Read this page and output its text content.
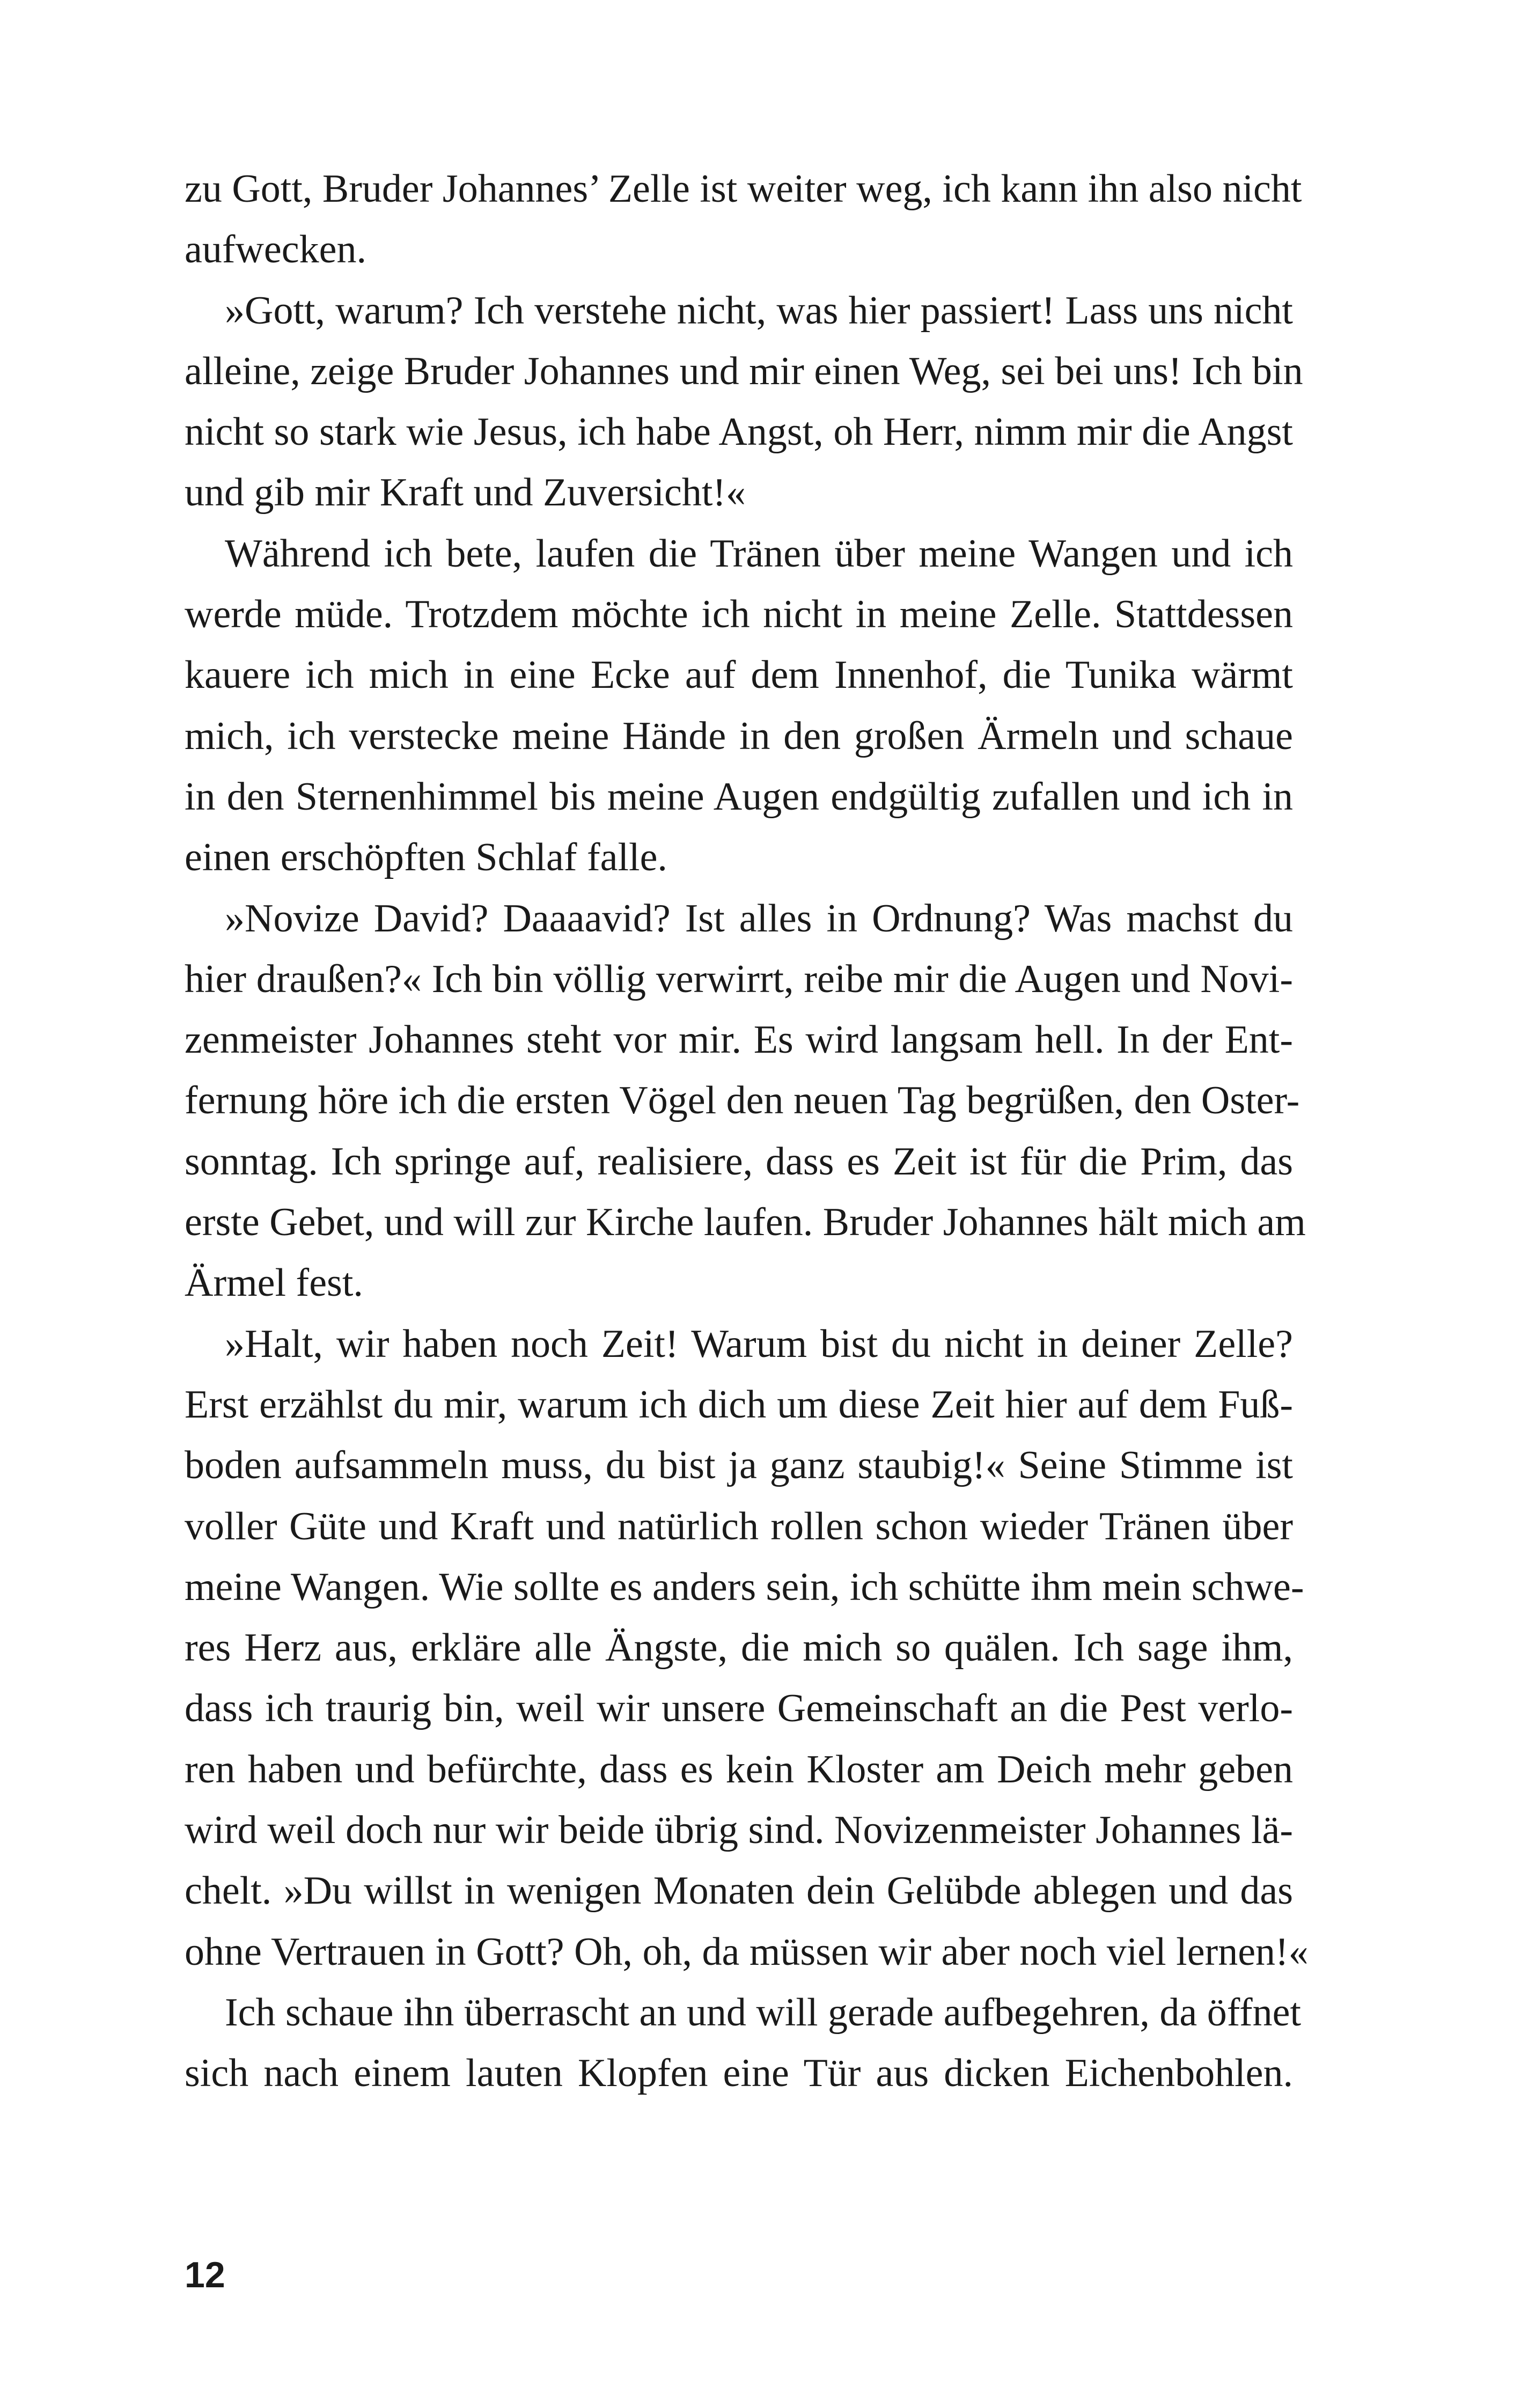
zu Gott, Bruder Johannes’ Zelle ist weiter weg, ich kann ihn also nicht
aufwecken.
»Gott, warum? Ich verstehe nicht, was hier passiert! Lass uns nicht
alleine, zeige Bruder Johannes und mir einen Weg, sei bei uns! Ich bin
nicht so stark wie Jesus, ich habe Angst, oh Herr, nimm mir die Angst
und gib mir Kraft und Zuversicht!«
Während ich bete, laufen die Tränen über meine Wangen und ich
werde müde. Trotzdem möchte ich nicht in meine Zelle. Stattdessen
kauere ich mich in eine Ecke auf dem Innenhof, die Tunika wärmt
mich, ich verstecke meine Hände in den großen Ärmeln und schaue
in den Sternenhimmel bis meine Augen endgültig zufallen und ich in
einen erschöpften Schlaf falle.
»Novize David? Daaaavid? Ist alles in Ordnung? Was machst du
hier draußen?« Ich bin völlig verwirrt, reibe mir die Augen und Novi-
zenmeister Johannes steht vor mir. Es wird langsam hell. In der Ent-
fernung höre ich die ersten Vögel den neuen Tag begrüßen, den Oster-
sonntag. Ich springe auf, realisiere, dass es Zeit ist für die Prim, das
erste Gebet, und will zur Kirche laufen. Bruder Johannes hält mich am
Ärmel fest.
»Halt, wir haben noch Zeit! Warum bist du nicht in deiner Zelle?
Erst erzählst du mir, warum ich dich um diese Zeit hier auf dem Fuß-
boden aufsammeln muss, du bist ja ganz staubig!« Seine Stimme ist
voller Güte und Kraft und natürlich rollen schon wieder Tränen über
meine Wangen. Wie sollte es anders sein, ich schütte ihm mein schwe-
res Herz aus, erkläre alle Ängste, die mich so quälen. Ich sage ihm,
dass ich traurig bin, weil wir unsere Gemeinschaft an die Pest verlo-
ren haben und befürchte, dass es kein Kloster am Deich mehr geben
wird weil doch nur wir beide übrig sind. Novizenmeister Johannes lä-
chelt. »Du willst in wenigen Monaten dein Gelübde ablegen und das
ohne Vertrauen in Gott? Oh, oh, da müssen wir aber noch viel lernen!«
Ich schaue ihn überrascht an und will gerade aufbegehren, da öffnet
sich nach einem lauten Klopfen eine Tür aus dicken Eichenbohlen.
12
